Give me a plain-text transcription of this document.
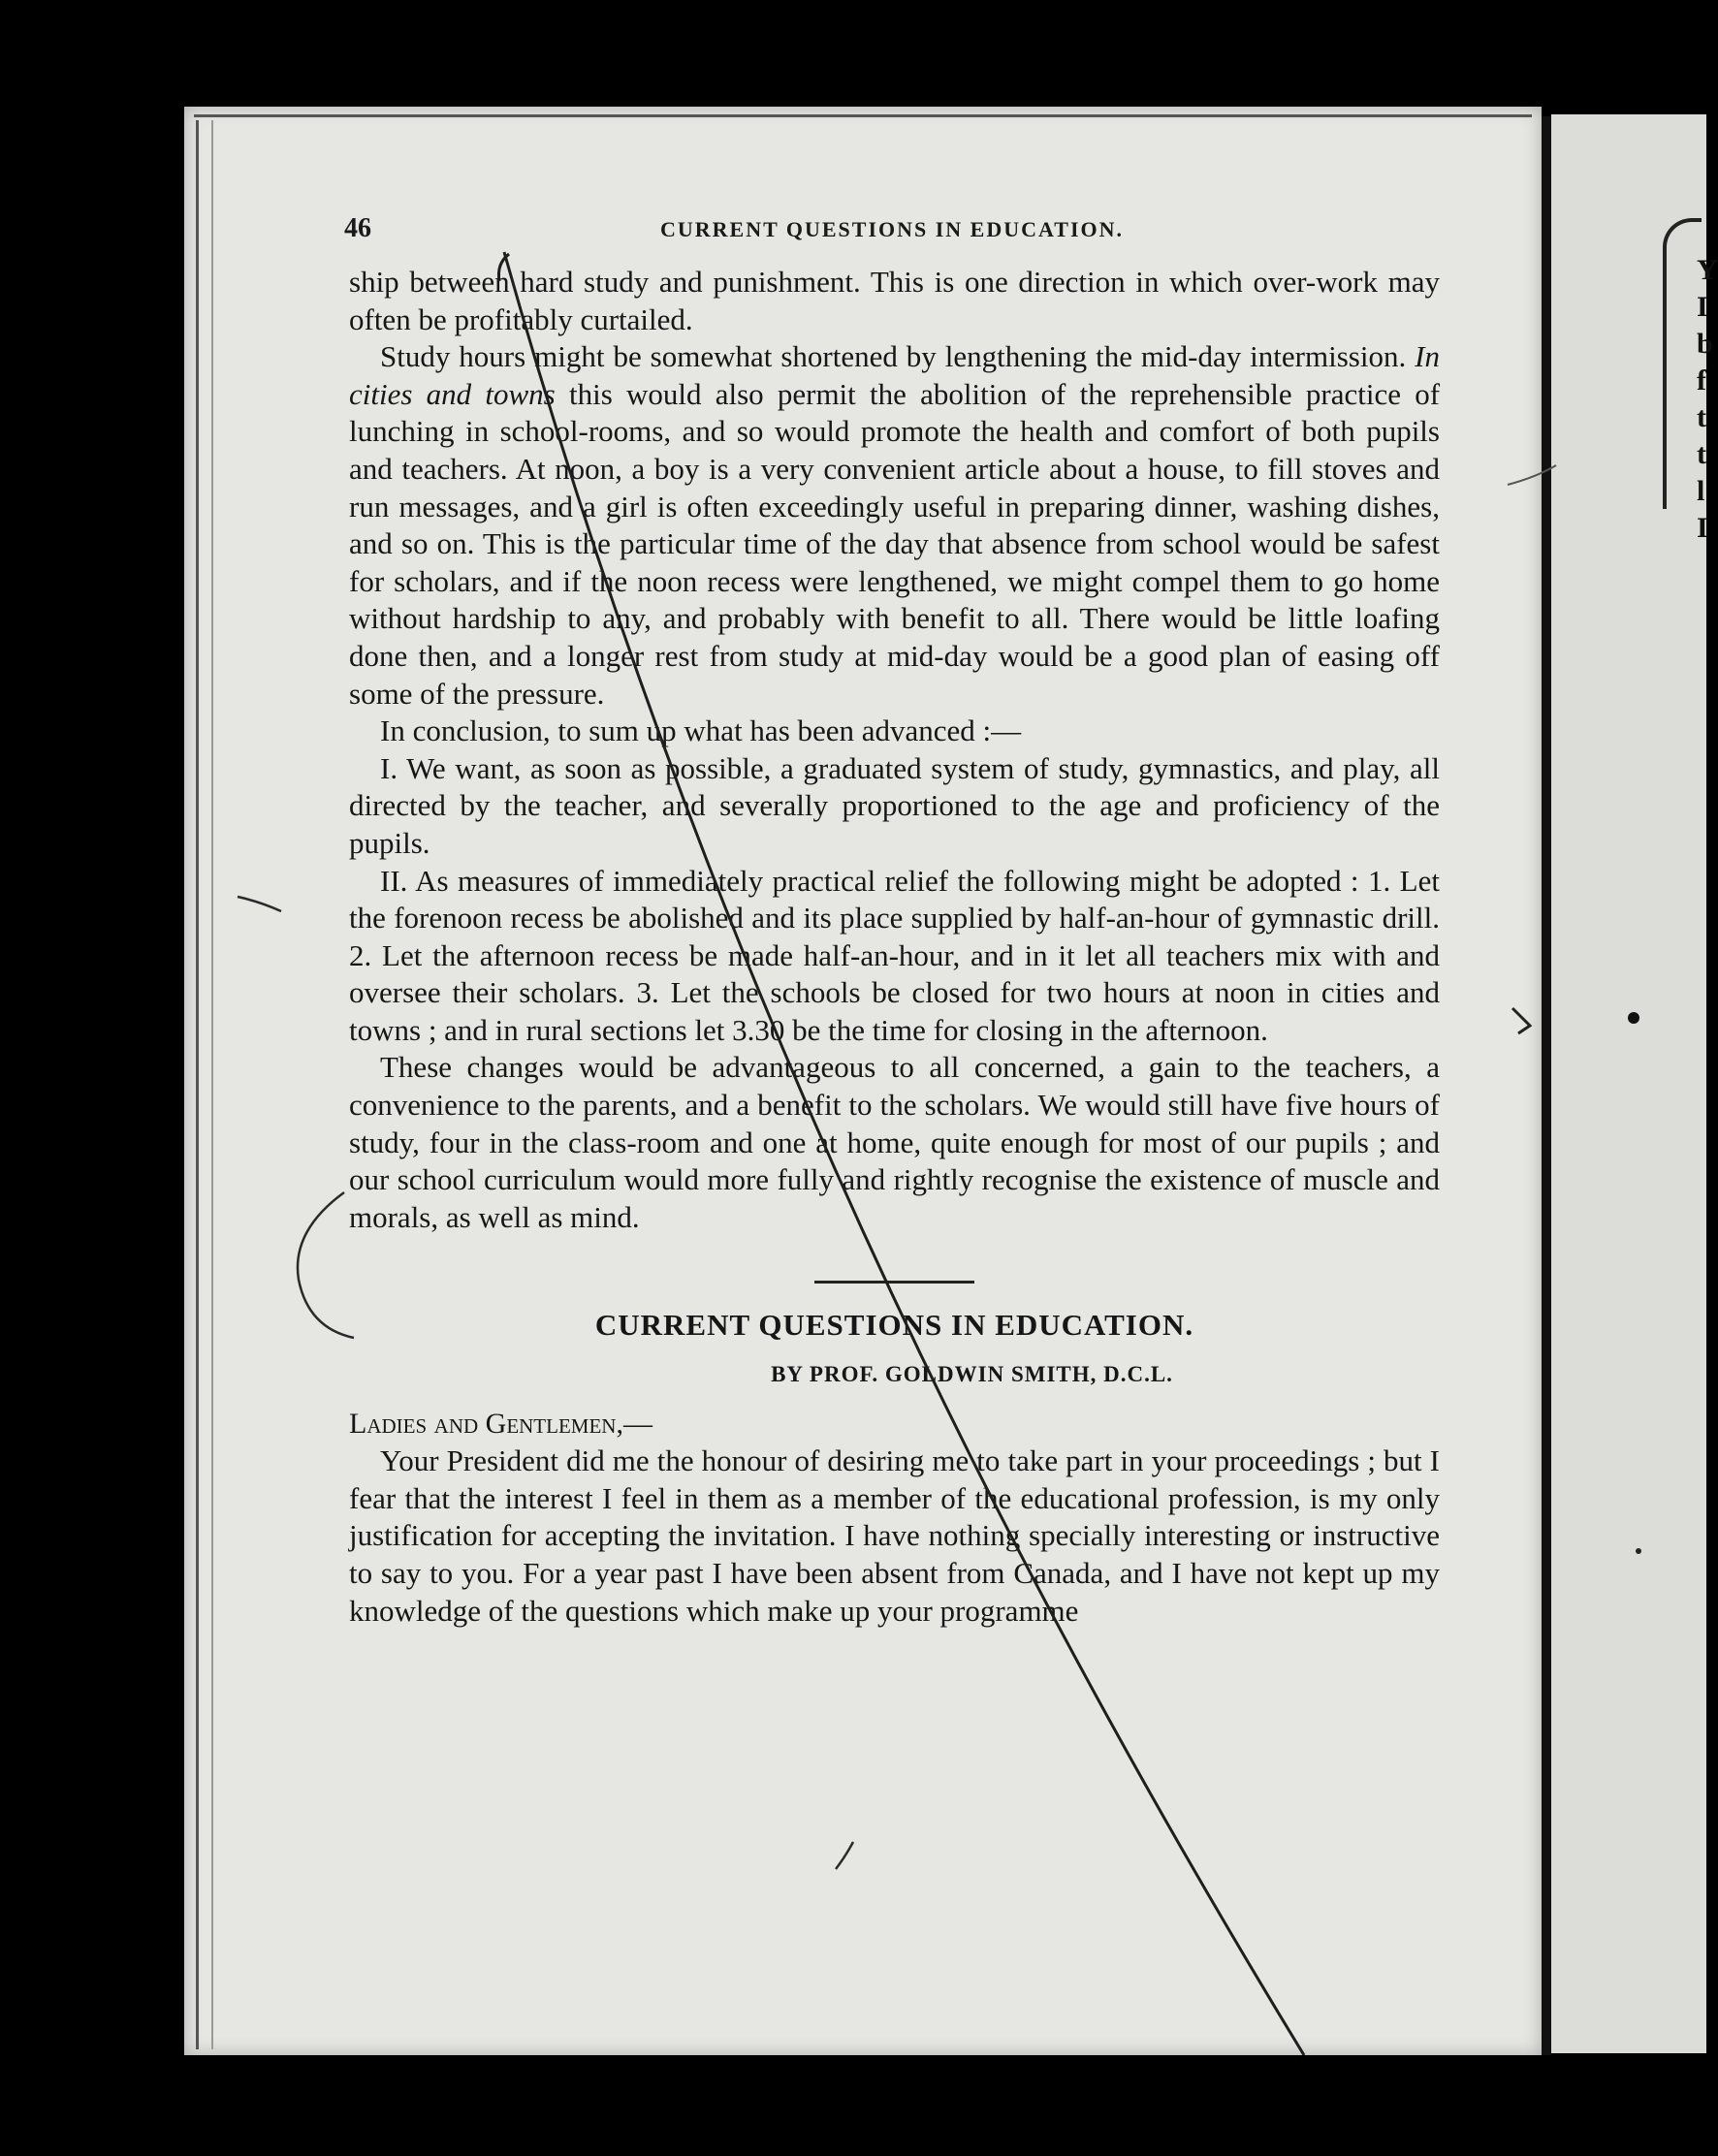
Y
I
b
f
t
t
l
I
46	CURRENT QUESTIONS IN EDUCATION.

ship between hard study and punishment. This is one direction in which over-work may often be profitably curtailed.

Study hours might be somewhat shortened by lengthening the mid-day intermission. In cities and towns this would also permit the abolition of the reprehensible practice of lunching in school-rooms, and so would promote the health and comfort of both pupils and teachers. At noon, a boy is a very convenient article about a house, to fill stoves and run messages, and a girl is often exceedingly useful in preparing dinner, washing dishes, and so on. This is the particular time of the day that absence from school would be safest for scholars, and if the noon recess were lengthened, we might compel them to go home without hardship to any, and probably with benefit to all. There would be little loafing done then, and a longer rest from study at mid-day would be a good plan of easing off some of the pressure.

In conclusion, to sum up what has been advanced :—

I. We want, as soon as possible, a graduated system of study, gymnastics, and play, all directed by the teacher, and severally proportioned to the age and proficiency of the pupils.

II. As measures of immediately practical relief the following might be adopted : 1. Let the forenoon recess be abolished and its place supplied by half-an-hour of gymnastic drill. 2. Let the afternoon recess be made half-an-hour, and in it let all teachers mix with and oversee their scholars. 3. Let the schools be closed for two hours at noon in cities and towns ; and in rural sections let 3.30 be the time for closing in the afternoon.

These changes would be advantageous to all concerned, a gain to the teachers, a convenience to the parents, and a benefit to the scholars. We would still have five hours of study, four in the class-room and one at home, quite enough for most of our pupils ; and our school curriculum would more fully and rightly recognise the existence of muscle and morals, as well as mind.

CURRENT QUESTIONS IN EDUCATION.
BY PROF. GOLDWIN SMITH, D.C.L.

Ladies and Gentlemen,—

Your President did me the honour of desiring me to take part in your proceedings ; but I fear that the interest I feel in them as a member of the educational profession, is my only justification for accepting the invitation. I have nothing specially interesting or instructive to say to you. For a year past I have been absent from Canada, and I have not kept up my knowledge of the questions which make up your programme
